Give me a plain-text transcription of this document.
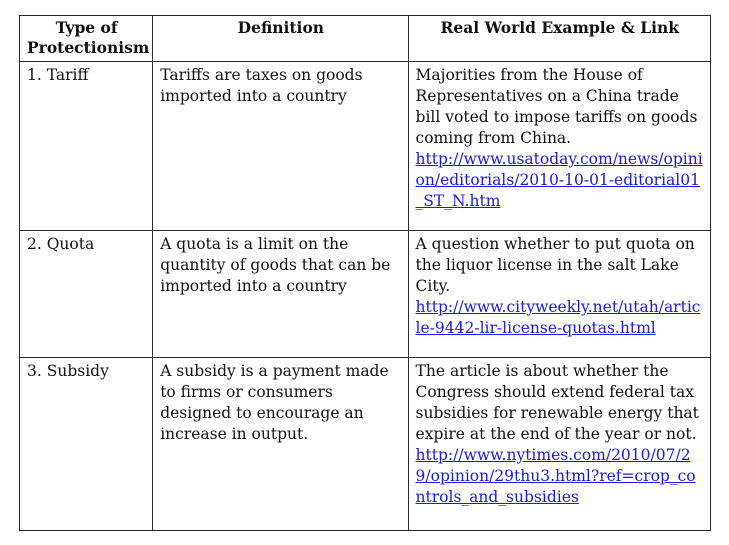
Type of Protectionism	Definition	Real World Example & Link
1. Tariff	Tariffs are taxes on goods imported into a country	Majorities from the House of Representatives on a China trade bill voted to impose tariffs on goods coming from China.
http://www.usatoday.com/news/opinion/editorials/2010-10-01-editorial01_ST_N.htm

2. Quota	A quota is a limit on the quantity of goods that can be imported into a country	A question whether to put quota on the liquor license in the salt Lake City.
http://www.cityweekly.net/utah/article-9442-lir-license-quotas.html

3. Subsidy	A subsidy is a payment made to firms or consumers designed to encourage an increase in output.	The article is about whether the Congress should extend federal tax subsidies for renewable energy that expire at the end of the year or not.
http://www.nytimes.com/2010/07/29/opinion/29thu3.html?ref=crop_controls_and_subsidies
